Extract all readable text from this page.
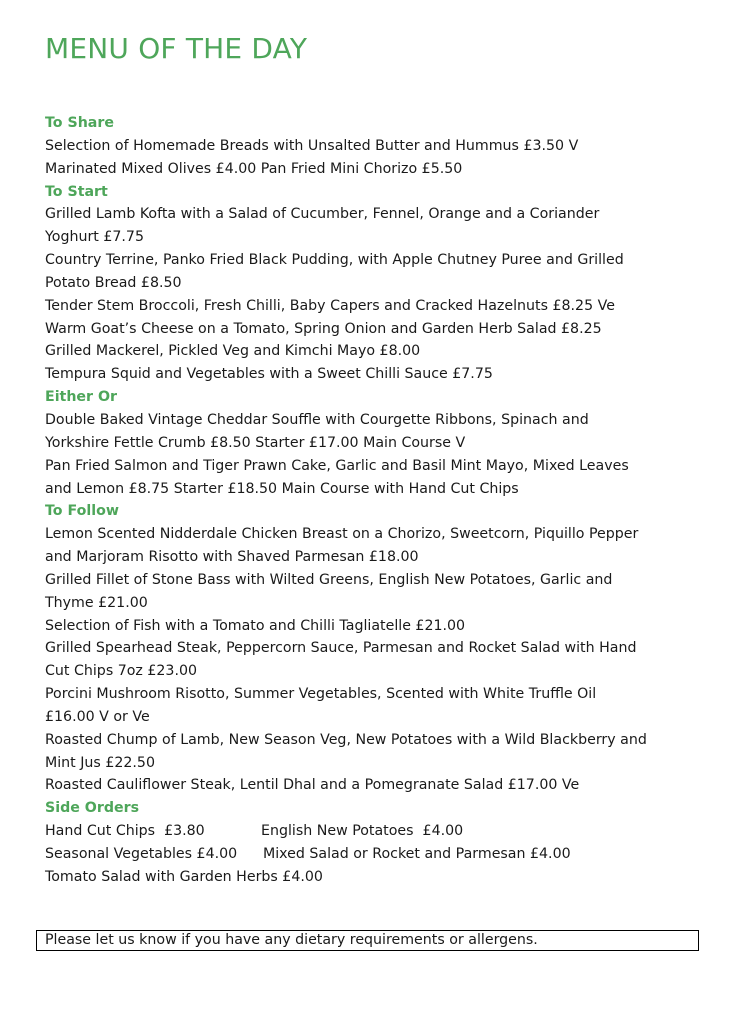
MENU OF THE DAY
To Share
Selection of Homemade Breads with Unsalted Butter and Hummus £3.50 V
Marinated Mixed Olives £4.00 Pan Fried Mini Chorizo £5.50
To Start
Grilled Lamb Kofta with a Salad of Cucumber, Fennel, Orange and a Coriander
Yoghurt £7.75
Country Terrine, Panko Fried Black Pudding, with Apple Chutney Puree and Grilled
Potato Bread £8.50
Tender Stem Broccoli, Fresh Chilli, Baby Capers and Cracked Hazelnuts £8.25 Ve
Warm Goat’s Cheese on a Tomato, Spring Onion and Garden Herb Salad £8.25
Grilled Mackerel, Pickled Veg and Kimchi Mayo £8.00
Tempura Squid and Vegetables with a Sweet Chilli Sauce £7.75
Either Or
Double Baked Vintage Cheddar Souffle with Courgette Ribbons, Spinach and
Yorkshire Fettle Crumb £8.50 Starter £17.00 Main Course V
Pan Fried Salmon and Tiger Prawn Cake, Garlic and Basil Mint Mayo, Mixed Leaves
and Lemon £8.75 Starter £18.50 Main Course with Hand Cut Chips
To Follow
Lemon Scented Nidderdale Chicken Breast on a Chorizo, Sweetcorn, Piquillo Pepper
and Marjoram Risotto with Shaved Parmesan £18.00
Grilled Fillet of Stone Bass with Wilted Greens, English New Potatoes, Garlic and
Thyme £21.00
Selection of Fish with a Tomato and Chilli Tagliatelle £21.00
Grilled Spearhead Steak, Peppercorn Sauce, Parmesan and Rocket Salad with Hand
Cut Chips 7oz £23.00
Porcini Mushroom Risotto, Summer Vegetables, Scented with White Truffle Oil
£16.00 V or Ve
Roasted Chump of Lamb, New Season Veg, New Potatoes with a Wild Blackberry and
Mint Jus £22.50
Roasted Cauliflower Steak, Lentil Dhal and a Pomegranate Salad £17.00 Ve
Side Orders
Hand Cut Chips  £3.80	English New Potatoes  £4.00
Seasonal Vegetables £4.00 Mixed Salad or Rocket and Parmesan £4.00
Tomato Salad with Garden Herbs £4.00
Please let us know if you have any dietary requirements or allergens.
